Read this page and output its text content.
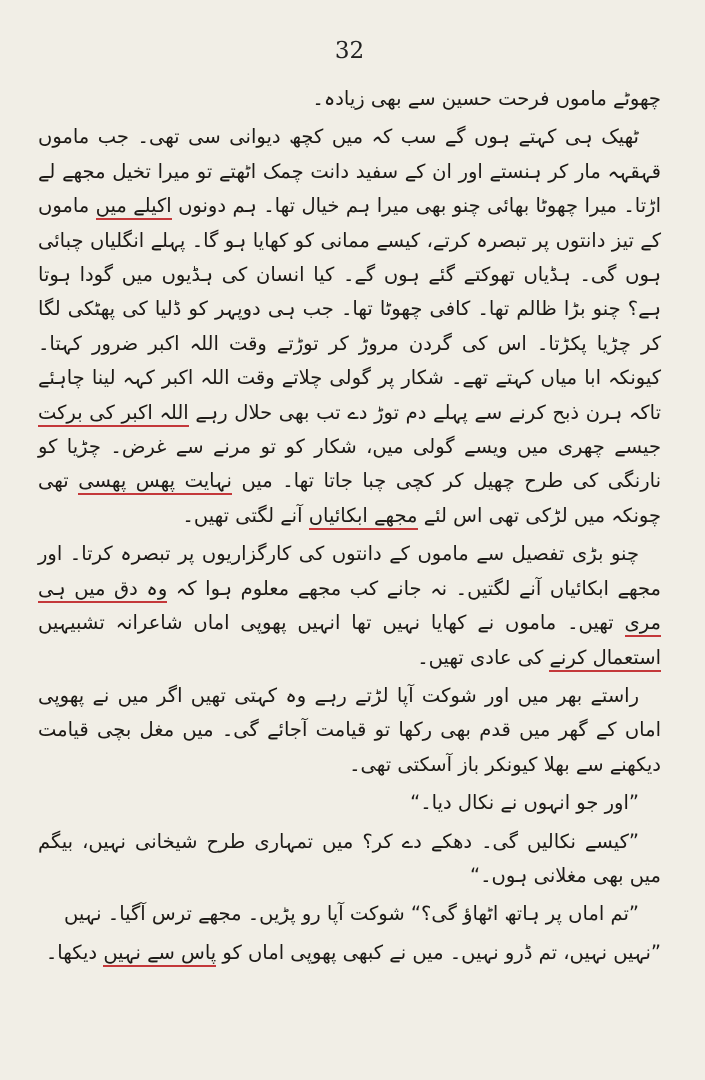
32

چھوٹے ماموں فرحت حسین سے بھی زیادہ۔

ٹھیک ہی کہتے ہوں گے سب کہ میں کچھ دیوانی سی تھی۔ جب ماموں قہقہہ مار کر ہنستے اور ان کے سفید دانت چمک اٹھتے تو میرا تخیل مجھے لے اڑتا۔ میرا چھوٹا بھائی چنو بھی میرا ہم خیال تھا۔ ہم دونوں اکیلے میں ماموں کے تیز دانتوں پر تبصرہ کرتے، کیسے ممانی کو کھایا ہو گا۔ پہلے انگلیاں چبائی ہوں گی۔ ہڈیاں تھوکتے گئے ہوں گے۔ کیا انسان کی ہڈیوں میں گودا ہوتا ہے؟ چنو بڑا ظالم تھا۔ کافی چھوٹا تھا۔ جب ہی دوپہر کو ڈلیا کی پھٹکی لگا کر چڑیا پکڑتا۔ اس کی گردن مروڑ کر توڑتے وقت اللہ اکبر ضرور کہتا۔ کیونکہ ابا میاں کہتے تھے۔ شکار پر گولی چلاتے وقت اللہ اکبر کہہ لینا چاہئے تاکہ ہرن ذبح کرنے سے پہلے دم توڑ دے تب بھی حلال رہے اللہ اکبر کی برکت جیسے چھری میں ویسے گولی میں، شکار کو تو مرنے سے غرض۔ چڑیا کو نارنگی کی طرح چھیل کر کچی چبا جاتا تھا۔ میں نہایت پھس پھسی تھی چونکہ میں لڑکی تھی اس لئے مجھے ابکائیاں آنے لگتی تھیں۔

چنو بڑی تفصیل سے ماموں کے دانتوں کی کارگزاریوں پر تبصرہ کرتا۔ اور مجھے ابکائیاں آنے لگتیں۔ نہ جانے کب مجھے معلوم ہوا کہ وہ دق میں ہی مری تھیں۔ ماموں نے کھایا نہیں تھا انہیں پھوپی اماں شاعرانہ تشبیہیں استعمال کرنے کی عادی تھیں۔

راستے بھر میں اور شوکت آپا لڑتے رہے وہ کہتی تھیں اگر میں نے پھوپی اماں کے گھر میں قدم بھی رکھا تو قیامت آجائے گی۔ میں مغل بچی قیامت دیکھنے سے بھلا کیونکر باز آسکتی تھی۔

”اور جو انہوں نے نکال دیا۔“

”کیسے نکالیں گی۔ دھکے دے کر؟ میں تمہاری طرح شیخانی نہیں، بیگم میں بھی مغلانی ہوں۔“

”تم اماں پر ہاتھ اٹھاؤ گی؟“ شوکت آپا رو پڑیں۔ مجھے ترس آگیا۔ نہیں

”نہیں نہیں، تم ڈرو نہیں۔ میں نے کبھی پھوپی اماں کو پاس سے نہیں دیکھا۔
